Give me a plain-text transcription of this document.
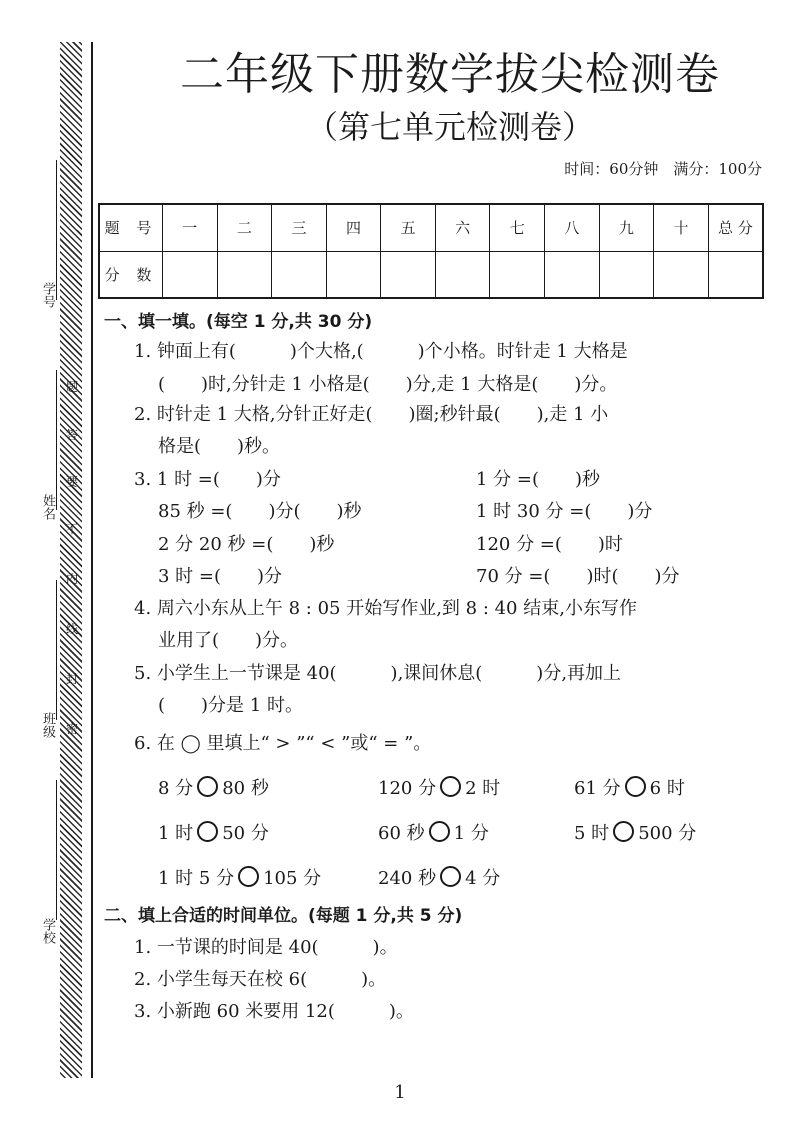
学号
姓名
班级
学校
密
封
线
内
不
要
答
题
二年级下册数学拔尖检测卷
（第七单元检测卷）
时间：60分钟　满分：100分
题 号	一	二	三	四	五	六	七	八	九	十	总 分
分 数											
一、填一填。(每空 1 分,共 30 分)
1. 钟面上有(　　　)个大格,(　　　)个小格。时针走 1 大格是
(　　)时,分针走 1 小格是(　　)分,走 1 大格是(　　)分。
2. 时针走 1 大格,分针正好走(　　)圈;秒针最(　　),走 1 小
格是(　　)秒。
3. 1 时 =(　　)分	1 分 =(　　)秒
85 秒 =(　　)分(　　)秒	1 时 30 分 =(　　)分
2 分 20 秒 =(　　)秒	120 分 =(　　)时
3 时 =(　　)分	70 分 =(　　)时(　　)分
4. 周六小东从上午 8 : 05 开始写作业,到 8 : 40 结束,小东写作
业用了(　　)分。
5. 小学生上一节课是 40(　　　),课间休息(　　　)分,再加上
(　　)分是 1 时。
6. 在 ◯ 里填上“ > ”“ < ”或“ = ”。
8 分 80 秒	120 分 2 时	61 分 6 时
1 时 50 分	60 秒 1 分	5 时 500 分
1 时 5 分 105 分	240 秒 4 分
二、填上合适的时间单位。(每题 1 分,共 5 分)
1. 一节课的时间是 40(　　　)。
2. 小学生每天在校 6(　　　)。
3. 小新跑 60 米要用 12(　　　)。
1
